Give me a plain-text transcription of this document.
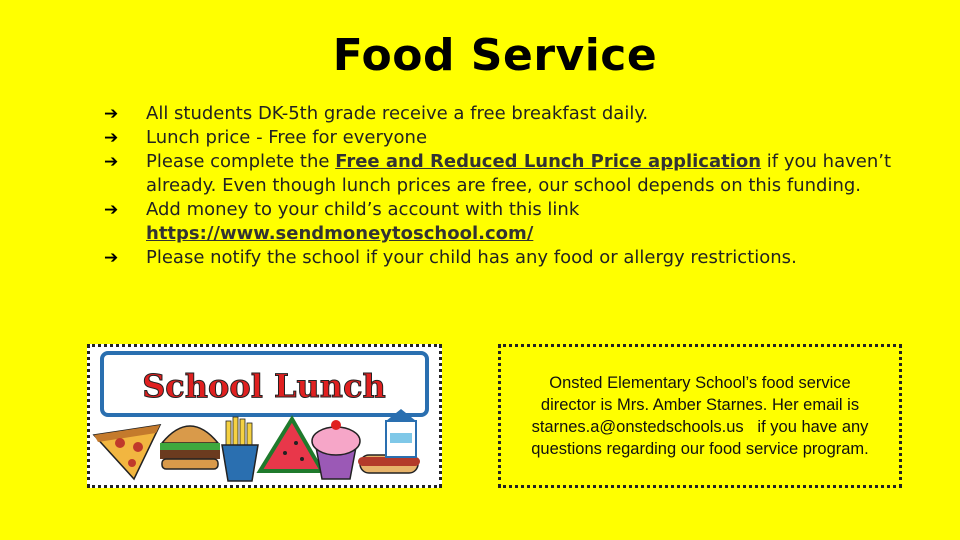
Food Service
➔ All students DK-5th grade receive a free breakfast daily.
➔ Lunch price - Free for everyone
➔ Please complete the Free and Reduced Lunch Price application if you haven’t already. Even though lunch prices are free, our school depends on this funding.
➔ Add money to your child’s account with this link
https://www.sendmoneytoschool.com/
➔ Please notify the school if your child has any food or allergy restrictions.
School Lunch	Onsted Elementary School’s food service
director is Mrs. Amber Starnes. Her email is
starnes.a@onstedschools.us   if you have any
questions regarding our food service program.
